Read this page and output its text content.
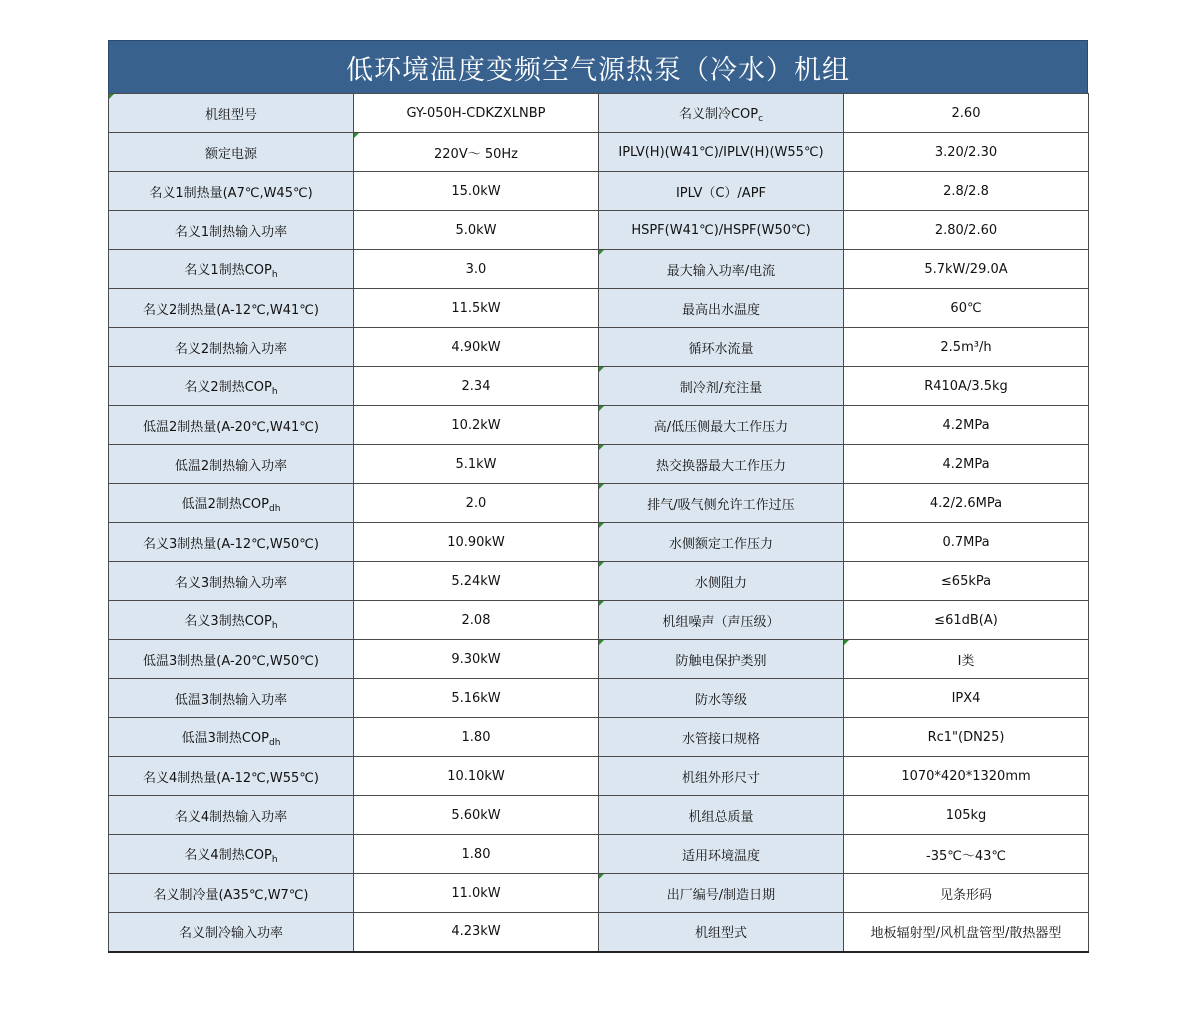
低环境温度变频空气源热泵（冷水）机组
机组型号	GY-050H-CDKZXLNBP	名义制冷$COP_c$	2.60
额定电源	220V～ 50Hz	IPLV(H)(W41℃)/IPLV(H)(W55℃)	3.20/2.30
名义1制热量(A7℃,W45℃)	15.0kW	IPLV（C）/APF	2.8/2.8
名义1制热输入功率	5.0kW	HSPF(W41℃)/HSPF(W50℃)	2.80/2.60
名义1制热$COP_h$	3.0	最大输入功率/电流	5.7kW/29.0A
名义2制热量(A-12℃,W41℃)	11.5kW	最高出水温度	60℃
名义2制热输入功率	4.90kW	循环水流量	2.5m³/h
名义2制热$COP_h$	2.34	制冷剂/充注量	R410A/3.5kg
低温2制热量(A-20℃,W41℃)	10.2kW	高/低压侧最大工作压力	4.2MPa
低温2制热输入功率	5.1kW	热交换器最大工作压力	4.2MPa
低温2制热$COP_{dh}$	2.0	排气/吸气侧允许工作过压	4.2/2.6MPa
名义3制热量(A-12℃,W50℃)	10.90kW	水侧额定工作压力	0.7MPa
名义3制热输入功率	5.24kW	水侧阻力	≤65kPa
名义3制热$COP_h$	2.08	机组噪声（声压级）	≤61dB(A)
低温3制热量(A-20℃,W50℃)	9.30kW	防触电保护类别	I类
低温3制热输入功率	5.16kW	防水等级	IPX4
低温3制热$COP_{dh}$	1.80	水管接口规格	Rc1"(DN25)
名义4制热量(A-12℃,W55℃)	10.10kW	机组外形尺寸	1070*420*1320mm
名义4制热输入功率	5.60kW	机组总质量	105kg
名义4制热$COP_h$	1.80	适用环境温度	-35℃～43℃
名义制冷量(A35℃,W7℃)	11.0kW	出厂编号/制造日期	见条形码
名义制冷输入功率	4.23kW	机组型式	地板辐射型/风机盘管型/散热器型
